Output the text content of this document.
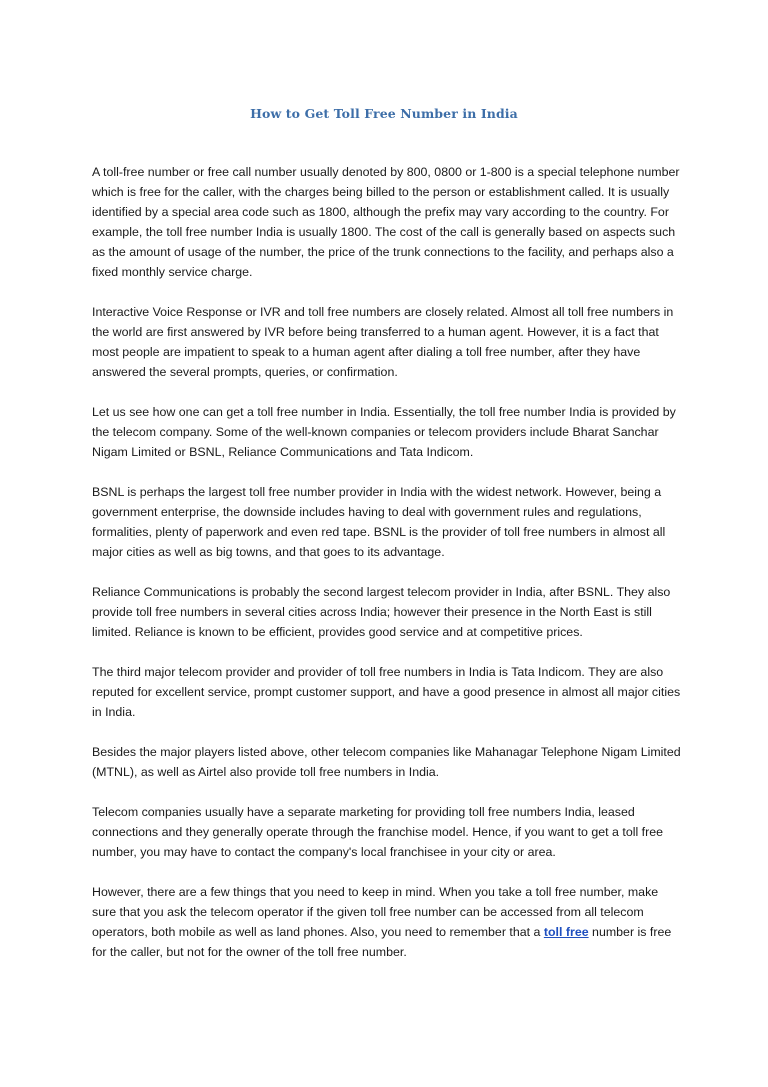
How to Get Toll Free Number in India

A toll-free number or free call number usually denoted by 800, 0800 or 1-800 is a special telephone number which is free for the caller, with the charges being billed to the person or establishment called. It is usually identified by a special area code such as 1800, although the prefix may vary according to the country. For example, the toll free number India is usually 1800. The cost of the call is generally based on aspects such as the amount of usage of the number, the price of the trunk connections to the facility, and perhaps also a fixed monthly service charge.

Interactive Voice Response or IVR and toll free numbers are closely related. Almost all toll free numbers in the world are first answered by IVR before being transferred to a human agent. However, it is a fact that most people are impatient to speak to a human agent after dialing a toll free number, after they have answered the several prompts, queries, or confirmation.

Let us see how one can get a toll free number in India. Essentially, the toll free number India is provided by the telecom company. Some of the well-known companies or telecom providers include Bharat Sanchar Nigam Limited or BSNL, Reliance Communications and Tata Indicom.

BSNL is perhaps the largest toll free number provider in India with the widest network. However, being a government enterprise, the downside includes having to deal with government rules and regulations, formalities, plenty of paperwork and even red tape. BSNL is the provider of toll free numbers in almost all major cities as well as big towns, and that goes to its advantage.

Reliance Communications is probably the second largest telecom provider in India, after BSNL. They also provide toll free numbers in several cities across India; however their presence in the North East is still limited. Reliance is known to be efficient, provides good service and at competitive prices.

The third major telecom provider and provider of toll free numbers in India is Tata Indicom. They are also reputed for excellent service, prompt customer support, and have a good presence in almost all major cities in India.

Besides the major players listed above, other telecom companies like Mahanagar Telephone Nigam Limited (MTNL), as well as Airtel also provide toll free numbers in India.

Telecom companies usually have a separate marketing for providing toll free numbers India, leased connections and they generally operate through the franchise model. Hence, if you want to get a toll free number, you may have to contact the company's local franchisee in your city or area.

However, there are a few things that you need to keep in mind. When you take a toll free number, make sure that you ask the telecom operator if the given toll free number can be accessed from all telecom operators, both mobile as well as land phones. Also, you need to remember that a toll free number is free for the caller, but not for the owner of the toll free number.
